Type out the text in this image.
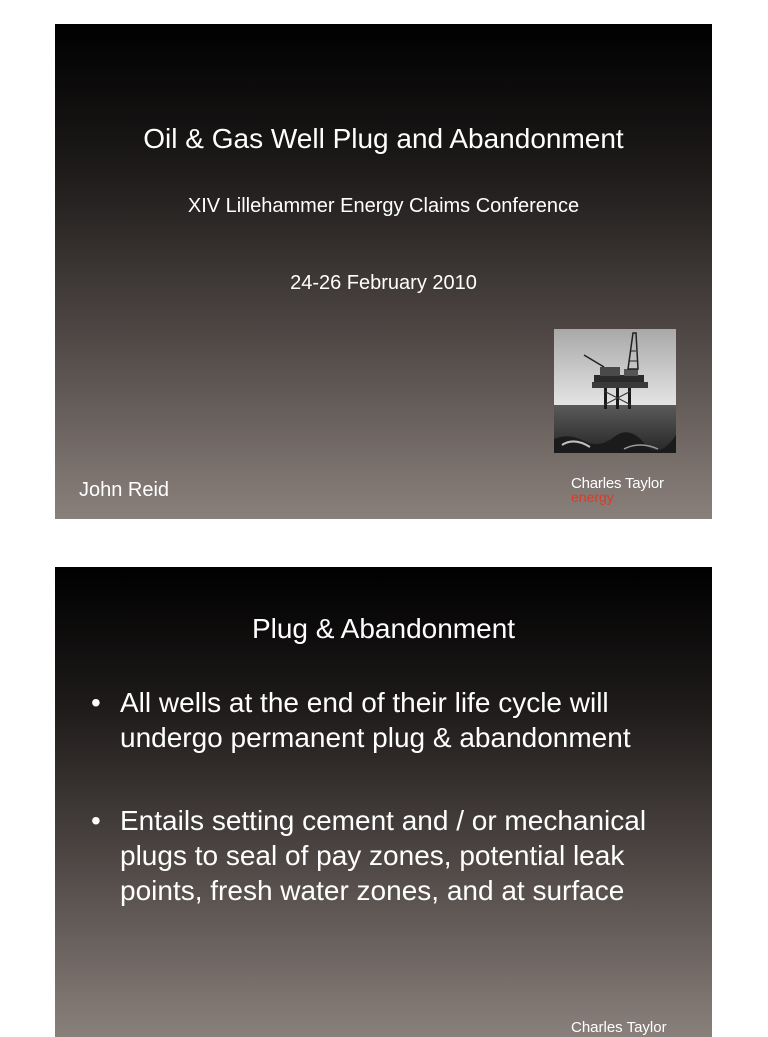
Oil & Gas Well Plug and Abandonment
XIV Lillehammer Energy Claims Conference
24-26 February 2010
John Reid	Charles Taylor
energy
Plug & Abandonment
• All wells at the end of their life cycle will undergo permanent plug & abandonment
• Entails setting cement and / or mechanical plugs to seal of pay zones, potential leak points, fresh water zones, and at surface
Charles Taylor
